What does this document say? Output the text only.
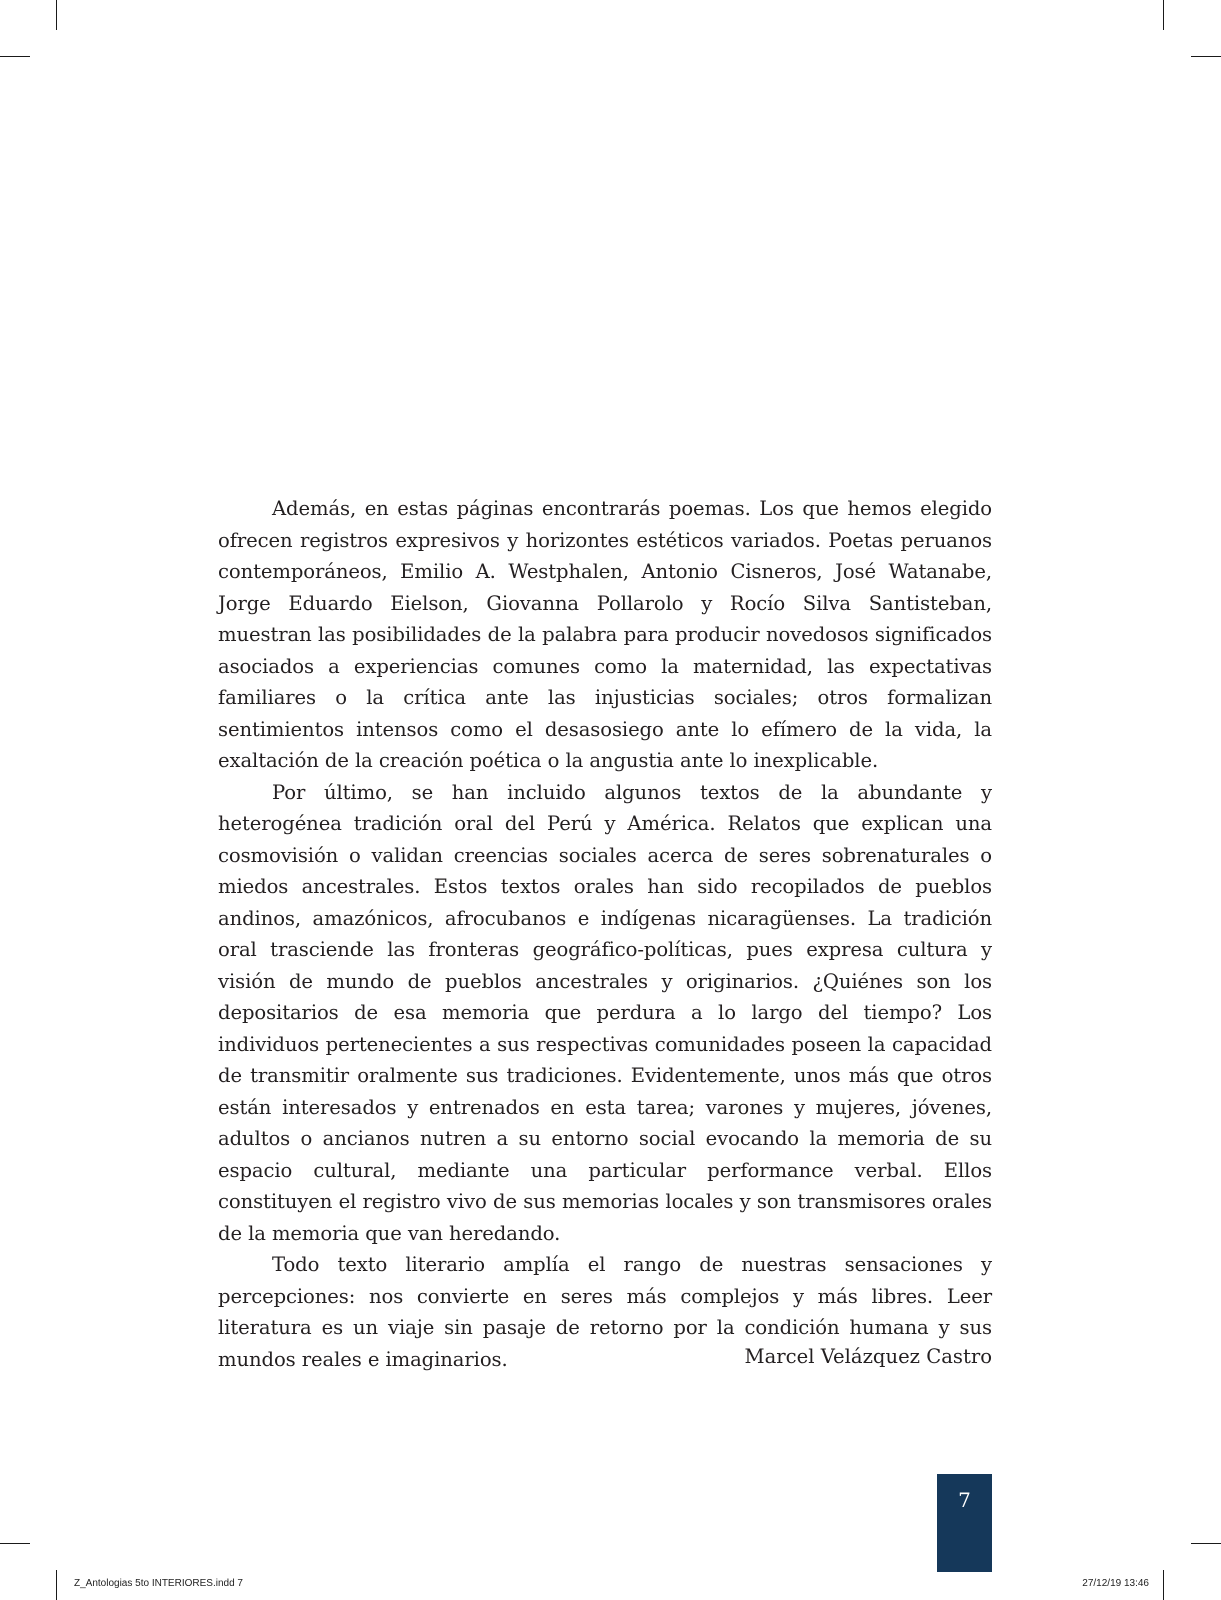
Además, en estas páginas encontrarás poemas. Los que hemos elegido ofrecen registros expresivos y horizontes estéticos variados. Poetas peruanos contemporáneos, Emilio A. Westphalen, Antonio Cisneros, José Watanabe, Jorge Eduardo Eielson, Giovanna Pollarolo y Rocío Silva Santisteban, muestran las posibilidades de la palabra para producir novedosos significados asociados a experiencias comunes como la maternidad, las expectativas familiares o la crítica ante las injusticias sociales; otros formalizan sentimientos intensos como el desasosiego ante lo efímero de la vida, la exaltación de la creación poética o la angustia ante lo inexplicable.

Por último, se han incluido algunos textos de la abundante y heterogénea tradición oral del Perú y América. Relatos que explican una cosmovisión o validan creencias sociales acerca de seres sobrenaturales o miedos ancestrales. Estos textos orales han sido recopilados de pueblos andinos, amazónicos, afrocubanos e indígenas nicaragüenses. La tradición oral trasciende las fronteras geográfico-políticas, pues expresa cultura y visión de mundo de pueblos ancestrales y originarios. ¿Quiénes son los depositarios de esa memoria que perdura a lo largo del tiempo? Los individuos pertenecientes a sus respectivas comunidades poseen la capacidad de transmitir oralmente sus tradiciones. Evidentemente, unos más que otros están interesados y entrenados en esta tarea; varones y mujeres, jóvenes, adultos o ancianos nutren a su entorno social evocando la memoria de su espacio cultural, mediante una particular performance verbal. Ellos constituyen el registro vivo de sus memorias locales y son transmisores orales de la memoria que van heredando.

Todo texto literario amplía el rango de nuestras sensaciones y percepciones: nos convierte en seres más complejos y más libres. Leer literatura es un viaje sin pasaje de retorno por la condición humana y sus mundos reales e imaginarios.	Marcel Velázquez Castro
7
Z_Antologias 5to INTERIORES.indd 7	27/12/19 13:46
